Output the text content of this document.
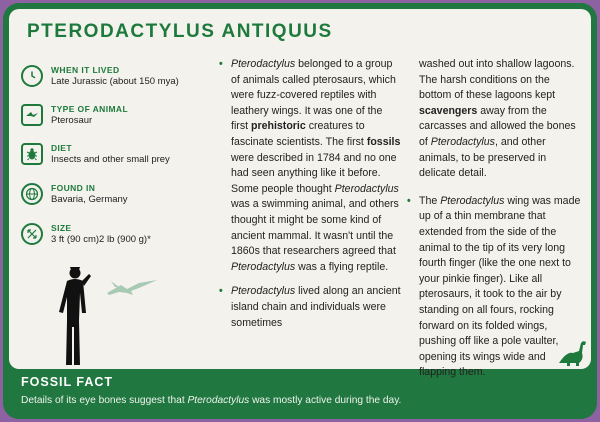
PTERODACTYLUS ANTIQUUS
WHEN IT LIVED
Late Jurassic (about 150 mya)
TYPE OF ANIMAL
Pterosaur
DIET
Insects and other small prey
FOUND IN
Bavaria, Germany
SIZE
3 ft (90 cm)2 lb (900 g)*
• Pterodactylus belonged to a group of animals called pterosaurs, which were fuzz-covered reptiles with leathery wings. It was one of the first prehistoric creatures to fascinate scientists. The first fossils were described in 1784 and no one had seen anything like it before. Some people thought Pterodactylus was a swimming animal, and others thought it might be some kind of ancient mammal. It wasn't until the 1860s that researchers agreed that Pterodactylus was a flying reptile.
• Pterodactylus lived along an ancient island chain and individuals were sometimes
washed out into shallow lagoons. The harsh conditions on the bottom of these lagoons kept scavengers away from the carcasses and allowed the bones of Pterodactylus, and other animals, to be preserved in delicate detail.
• The Pterodactylus wing was made up of a thin membrane that extended from the side of the animal to the tip of its very long fourth finger (like the one next to your pinkie finger). Like all pterosaurs, it took to the air by standing on all fours, rocking forward on its folded wings, pushing off like a pole vaulter, opening its wings wide and flapping them.
FOSSIL FACT
Details of its eye bones suggest that Pterodactylus was mostly active during the day.
